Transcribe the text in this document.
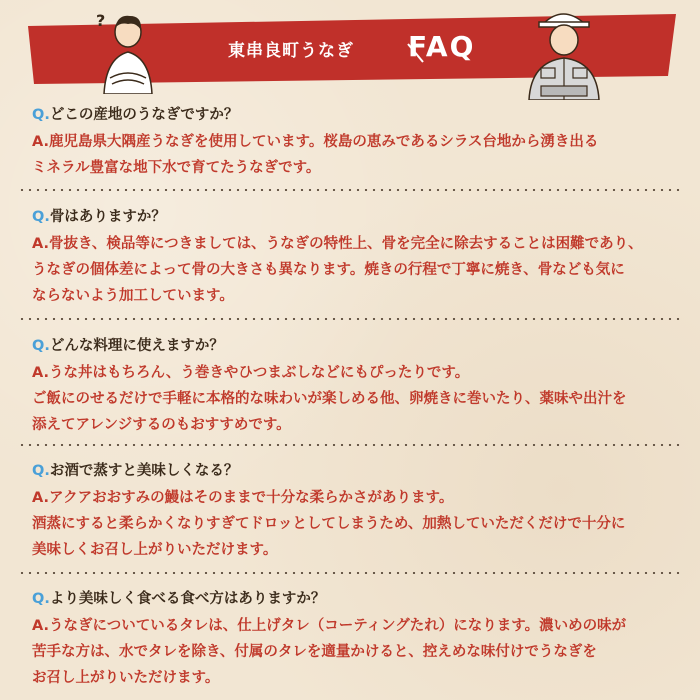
東串良町うなぎ FAQ
?
Q.どこの産地のうなぎですか？
A.鹿児島県大隅産うなぎを使用しています。桜島の恵みであるシラス台地から湧き出る
ミネラル豊富な地下水で育てたうなぎです。
Q.骨はありますか？
A.骨抜き、検品等につきましては、うなぎの特性上、骨を完全に除去することは困難であり、
うなぎの個体差によって骨の大きさも異なります。焼きの行程で丁寧に焼き、骨なども気に
ならないよう加工しています。
Q.どんな料理に使えますか？
A.うな丼はもちろん、う巻きやひつまぶしなどにもぴったりです。
ご飯にのせるだけで手軽に本格的な味わいが楽しめる他、卵焼きに巻いたり、薬味や出汁を
添えてアレンジするのもおすすめです。
Q.お酒で蒸すと美味しくなる？
A.アクアおおすみの鰻はそのままで十分な柔らかさがあります。
酒蒸にすると柔らかくなりすぎてドロッとしてしまうため、加熱していただくだけで十分に
美味しくお召し上がりいただけます。
Q.より美味しく食べる食べ方はありますか？
A.うなぎについているタレは、仕上げタレ（コーティングたれ）になります。濃いめの味が
苦手な方は、水でタレを除き、付属のタレを適量かけると、控えめな味付けでうなぎを
お召し上がりいただけます。
